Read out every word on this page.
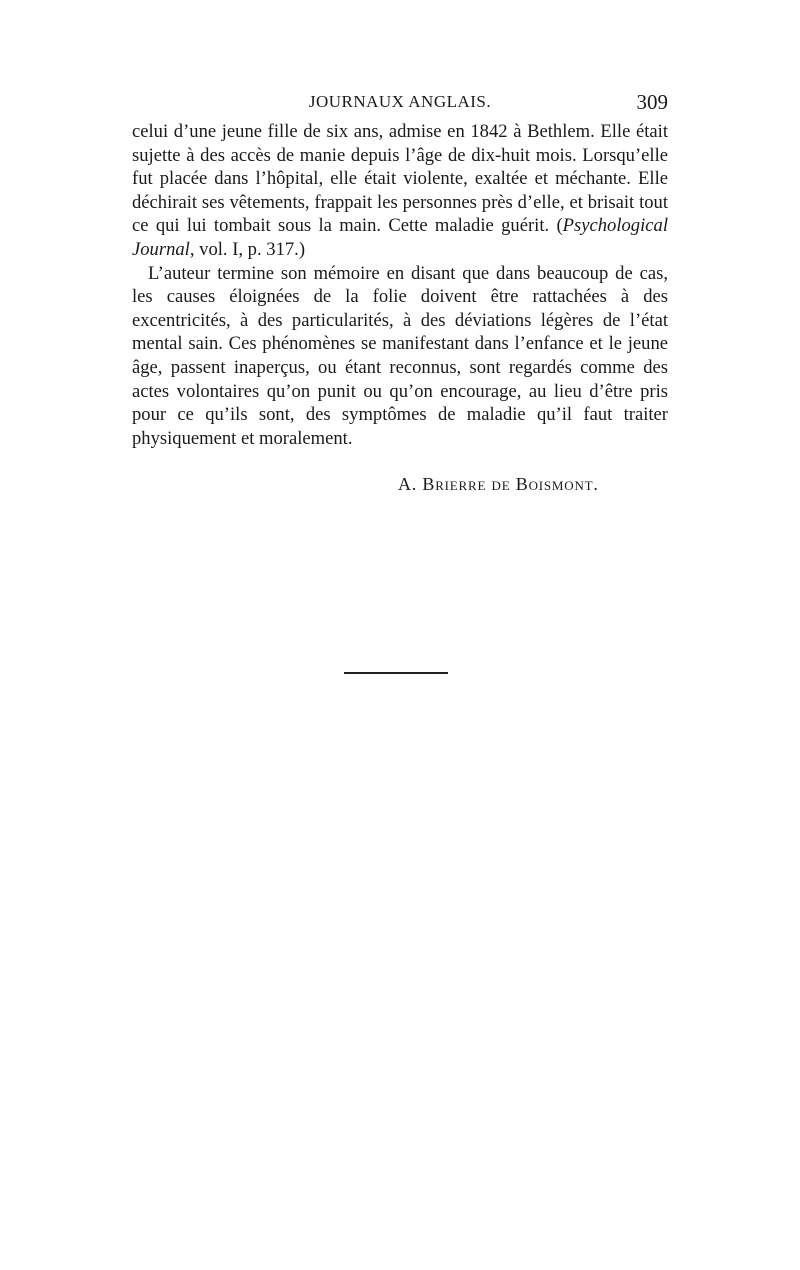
JOURNAUX ANGLAIS.	309

celui d’une jeune fille de six ans, admise en 1842 à Bethlem. Elle était sujette à des accès de manie depuis l’âge de dix-huit mois. Lorsqu’elle fut placée dans l’hôpital, elle était violente, exaltée et méchante. Elle déchirait ses vêtements, frappait les personnes près d’elle, et brisait tout ce qui lui tombait sous la main. Cette maladie guérit. (Psychological Journal, vol. I, p. 317.)

L’auteur termine son mémoire en disant que dans beaucoup de cas, les causes éloignées de la folie doivent être rattachées à des excentricités, à des particularités, à des déviations légères de l’état mental sain. Ces phénomènes se manifestant dans l’enfance et le jeune âge, passent inaperçus, ou étant reconnus, sont regardés comme des actes volontaires qu’on punit ou qu’on encourage, au lieu d’être pris pour ce qu’ils sont, des symptômes de maladie qu’il faut traiter physiquement et moralement.

A. Brierre de Boismont.
